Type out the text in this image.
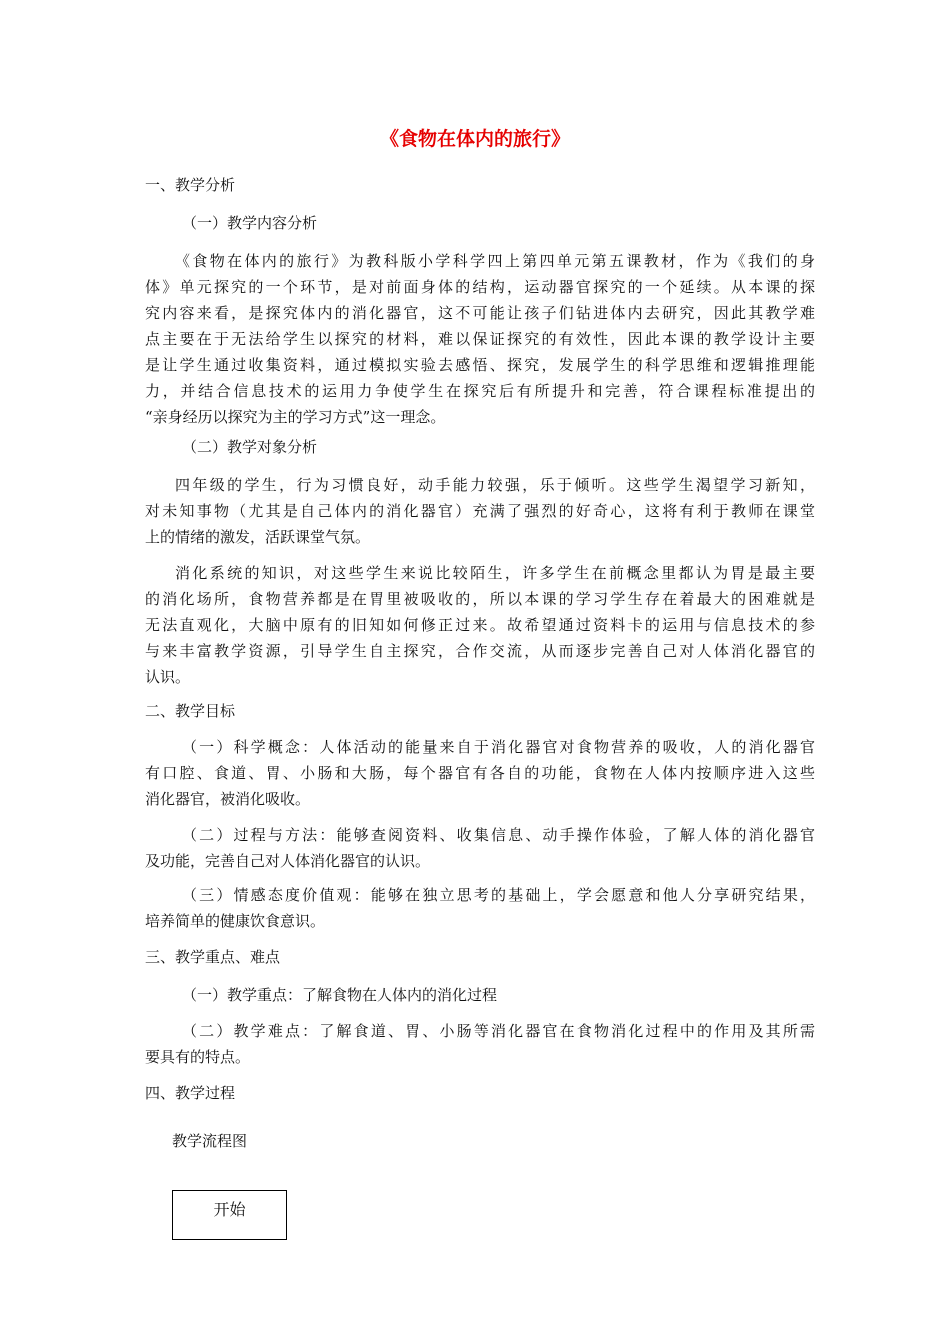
《食物在体内的旅行》
一、教学分析
（一）教学内容分析
《食物在体内的旅行》为教科版小学科学四上第四单元第五课教材，作为《我们的身
体》单元探究的一个环节，是对前面身体的结构，运动器官探究的一个延续。从本课的探
究内容来看，是探究体内的消化器官，这不可能让孩子们钻进体内去研究，因此其教学难
点主要在于无法给学生以探究的材料，难以保证探究的有效性，因此本课的教学设计主要
是让学生通过收集资料，通过模拟实验去感悟、探究，发展学生的科学思维和逻辑推理能
力，并结合信息技术的运用力争使学生在探究后有所提升和完善，符合课程标准提出的
“亲身经历以探究为主的学习方式”这一理念。
（二）教学对象分析
四年级的学生，行为习惯良好，动手能力较强，乐于倾听。这些学生渴望学习新知，
对未知事物（尤其是自己体内的消化器官）充满了强烈的好奇心，这将有利于教师在课堂
上的情绪的激发，活跃课堂气氛。
消化系统的知识，对这些学生来说比较陌生，许多学生在前概念里都认为胃是最主要
的消化场所，食物营养都是在胃里被吸收的，所以本课的学习学生存在着最大的困难就是
无法直观化，大脑中原有的旧知如何修正过来。故希望通过资料卡的运用与信息技术的参
与来丰富教学资源，引导学生自主探究，合作交流，从而逐步完善自己对人体消化器官的
认识。
二、教学目标
（一）科学概念：人体活动的能量来自于消化器官对食物营养的吸收，人的消化器官
有口腔、食道、胃、小肠和大肠，每个器官有各自的功能，食物在人体内按顺序进入这些
消化器官，被消化吸收。
（二）过程与方法：能够查阅资料、收集信息、动手操作体验，了解人体的消化器官
及功能，完善自己对人体消化器官的认识。
（三）情感态度价值观：能够在独立思考的基础上，学会愿意和他人分享研究结果，
培养简单的健康饮食意识。
三、教学重点、难点
（一）教学重点：了解食物在人体内的消化过程
（二）教学难点：了解食道、胃、小肠等消化器官在食物消化过程中的作用及其所需
要具有的特点。
四、教学过程
教学流程图
开始
